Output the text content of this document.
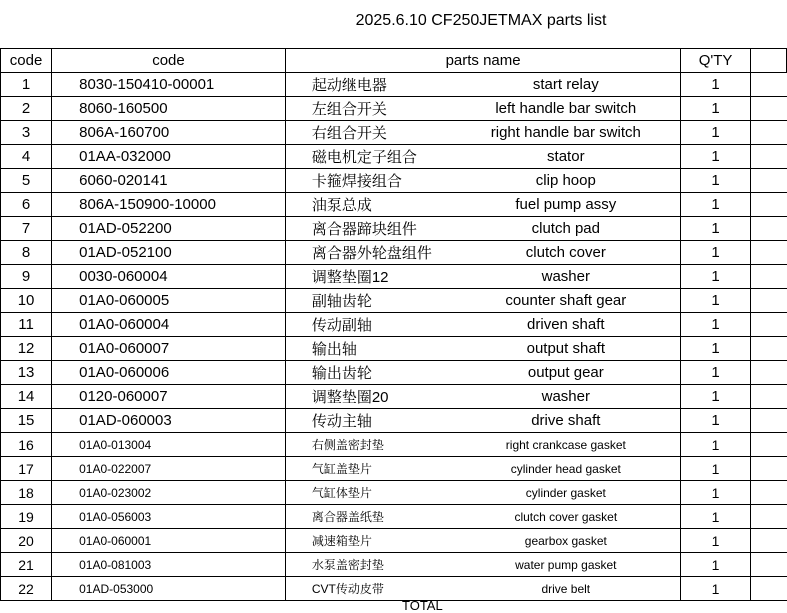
2025.6.10 CF250JETMAX parts list
code	code	parts name		Q'TY	
1	8030-150410-00001	起动继电器	start relay	1	
2	8060-160500	左组合开关	left handle bar switch	1	
3	806A-160700	右组合开关	right handle bar switch	1	
4	01AA-032000	磁电机定子组合	stator	1	
5	6060-020141	卡箍焊接组合	clip hoop	1	
6	806A-150900-10000	油泵总成	fuel pump assy	1	
7	01AD-052200	离合器蹄块组件	clutch pad	1	
8	01AD-052100	离合器外轮盘组件	clutch cover	1	
9	0030-060004	调整垫圈12	washer	1	
10	01A0-060005	副轴齿轮	counter shaft gear	1	
11	01A0-060004	传动副轴	driven shaft	1	
12	01A0-060007	输出轴	output shaft	1	
13	01A0-060006	输出齿轮	output gear	1	
14	0120-060007	调整垫圈20	washer	1	
15	01AD-060003	传动主轴	drive shaft	1	
16	01A0-013004	右侧盖密封垫	right crankcase gasket	1	
17	01A0-022007	气缸盖垫片	cylinder head gasket	1	
18	01A0-023002	气缸体垫片	cylinder gasket	1	
19	01A0-056003	离合器盖纸垫	clutch cover gasket	1	
20	01A0-060001	减速箱垫片	gearbox gasket	1	
21	01A0-081003	水泵盖密封垫	water pump gasket	1	
22	01AD-053000	CVT传动皮带	drive belt	1	
TOTAL
